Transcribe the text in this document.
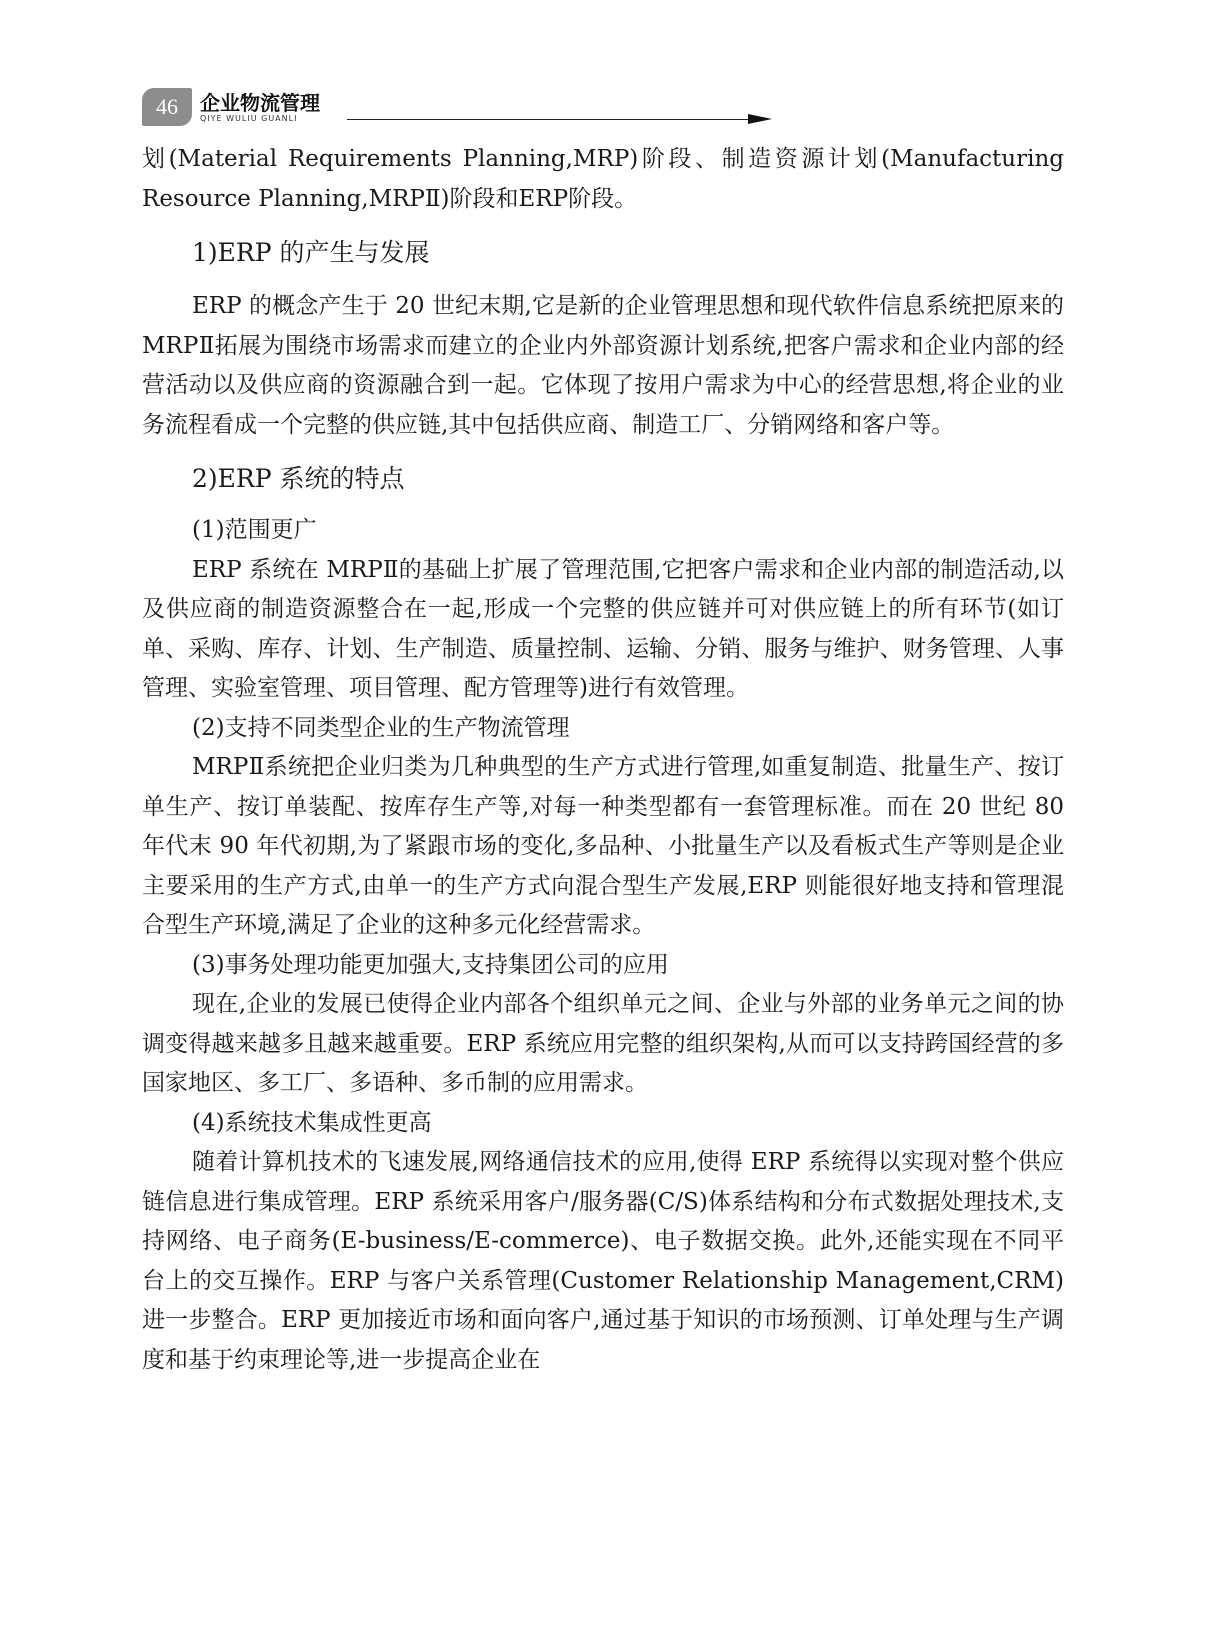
46	企业物流管理
QIYE WULIU GUANLI

划(Material Requirements Planning,MRP)阶段、制造资源计划(Manufacturing Resource Planning,MRPⅡ)阶段和ERP阶段。

1)ERP 的产生与发展

ERP 的概念产生于 20 世纪末期,它是新的企业管理思想和现代软件信息系统把原来的 MRPⅡ拓展为围绕市场需求而建立的企业内外部资源计划系统,把客户需求和企业内部的经营活动以及供应商的资源融合到一起。它体现了按用户需求为中心的经营思想,将企业的业务流程看成一个完整的供应链,其中包括供应商、制造工厂、分销网络和客户等。

2)ERP 系统的特点

(1)范围更广

ERP 系统在 MRPⅡ的基础上扩展了管理范围,它把客户需求和企业内部的制造活动,以及供应商的制造资源整合在一起,形成一个完整的供应链并可对供应链上的所有环节(如订单、采购、库存、计划、生产制造、质量控制、运输、分销、服务与维护、财务管理、人事管理、实验室管理、项目管理、配方管理等)进行有效管理。

(2)支持不同类型企业的生产物流管理

MRPⅡ系统把企业归类为几种典型的生产方式进行管理,如重复制造、批量生产、按订单生产、按订单装配、按库存生产等,对每一种类型都有一套管理标准。而在 20 世纪 80 年代末 90 年代初期,为了紧跟市场的变化,多品种、小批量生产以及看板式生产等则是企业主要采用的生产方式,由单一的生产方式向混合型生产发展,ERP 则能很好地支持和管理混合型生产环境,满足了企业的这种多元化经营需求。

(3)事务处理功能更加强大,支持集团公司的应用

现在,企业的发展已使得企业内部各个组织单元之间、企业与外部的业务单元之间的协调变得越来越多且越来越重要。ERP 系统应用完整的组织架构,从而可以支持跨国经营的多国家地区、多工厂、多语种、多币制的应用需求。

(4)系统技术集成性更高

随着计算机技术的飞速发展,网络通信技术的应用,使得 ERP 系统得以实现对整个供应链信息进行集成管理。ERP 系统采用客户/服务器(C/S)体系结构和分布式数据处理技术,支持网络、电子商务(E-business/E-commerce)、电子数据交换。此外,还能实现在不同平台上的交互操作。ERP 与客户关系管理(Customer Relationship Management,CRM)进一步整合。ERP 更加接近市场和面向客户,通过基于知识的市场预测、订单处理与生产调度和基于约束理论等,进一步提高企业在
